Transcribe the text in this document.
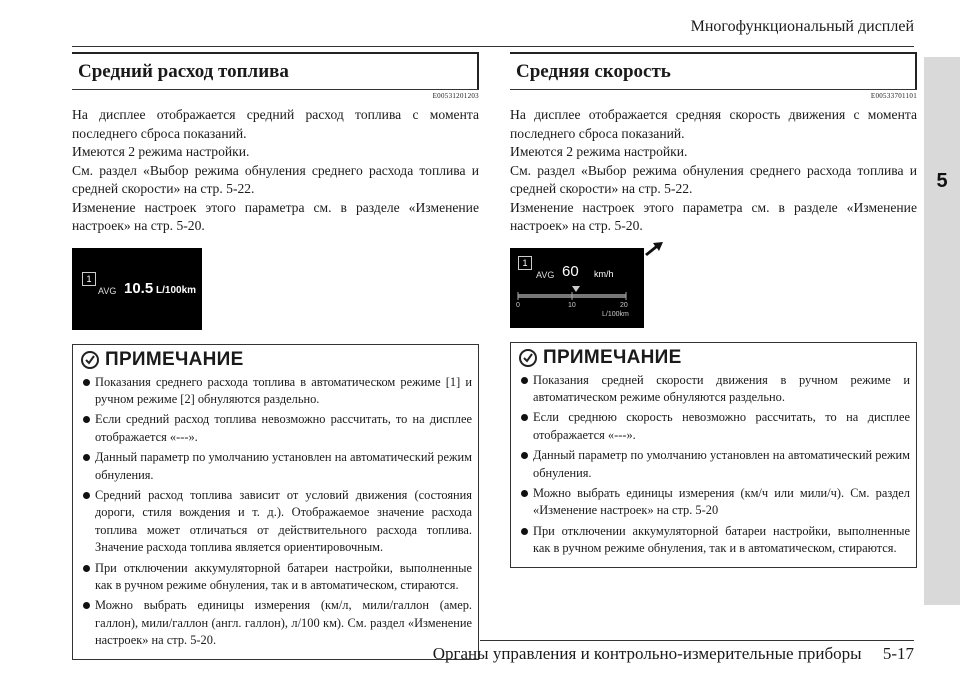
Многофункциональный дисплей
5
Средний расход топлива
E00531201203

На дисплее отображается средний расход топлива с момента последнего сброса показаний.

Имеются 2 режима настройки.

См. раздел «Выбор режима обнуления среднего расхода топлива и средней скорости» на стр. 5-22.

Изменение настроек этого параметра см. в разделе «Изменение настроек» на стр. 5-20.

1
AVG 10.5 L/100km
ПРИМЕЧАНИЕ
Показания среднего расхода топлива в автоматическом режиме [1] и ручном режиме [2] обнуляются раздельно.
Если средний расход топлива невозможно рассчитать, то на дисплее отображается «---».
Данный параметр по умолчанию установлен на автоматический режим обнуления.
Средний расход топлива зависит от условий движения (состояния дороги, стиля вождения и т. д.). Отображаемое значение расхода топлива может отличаться от действительного расхода топлива. Значение расхода топлива является ориентировочным.
При отключении аккумуляторной батареи настройки, выполненные как в ручном режиме обнуления, так и в автоматическом, стираются.
Можно выбрать единицы измерения (км/л, мили/галлон (амер. галлон), мили/галлон (англ. галлон), л/100 км). См. раздел «Изменение настроек» на стр. 5-20.
Средняя скорость
E00533701101

На дисплее отображается средняя скорость движения с момента последнего сброса показаний.

Имеются 2 режима настройки.

См. раздел «Выбор режима обнуления среднего расхода топлива и средней скорости» на стр. 5-22.

Изменение настроек этого параметра см. в разделе «Изменение настроек» на стр. 5-20.

1
AVG 60 km/h
0	10	20
L/100km
ПРИМЕЧАНИЕ
Показания средней скорости движения в ручном режиме и автоматическом режиме обнуляются раздельно.
Если среднюю скорость невозможно рассчитать, то на дисплее отображается «---».
Данный параметр по умолчанию установлен на автоматический режим обнуления.
Можно выбрать единицы измерения (км/ч или мили/ч). См. раздел «Изменение настроек» на стр. 5-20
При отключении аккумуляторной батареи настройки, выполненные как в ручном режиме обнуления, так и в автоматическом, стираются.
Органы управления и контрольно-измерительные приборы     5-17
